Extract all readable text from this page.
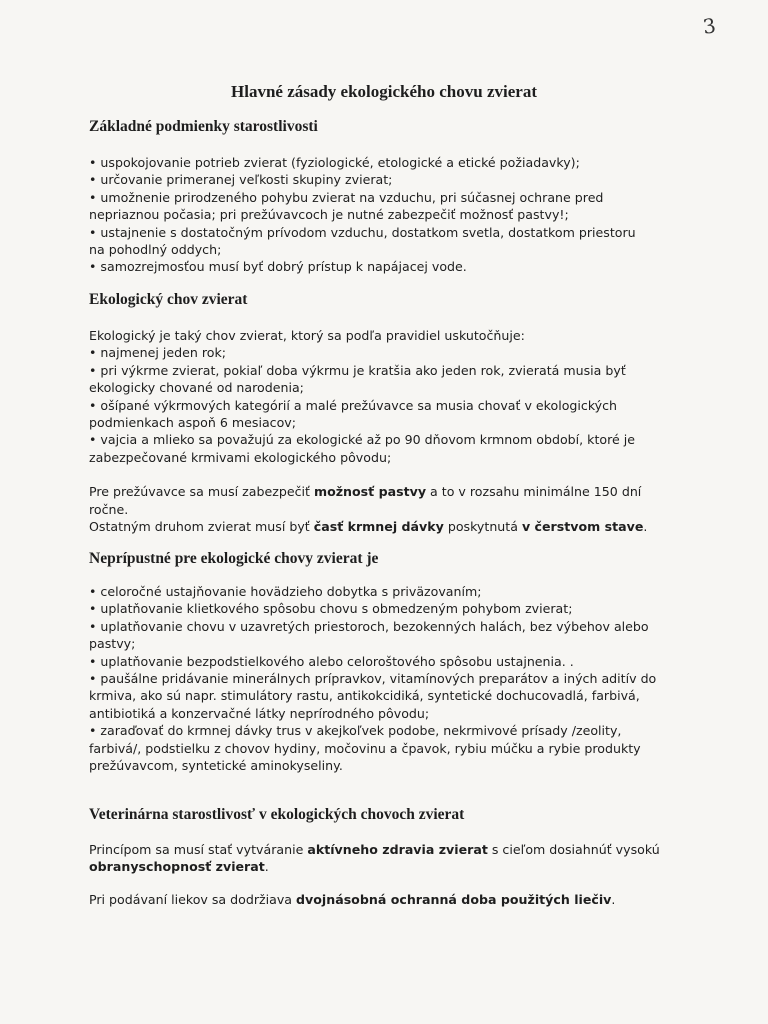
3
Hlavné zásady ekologického chovu zvierat
Základné podmienky starostlivosti
• uspokojovanie potrieb zvierat (fyziologické, etologické a etické požiadavky);
• určovanie primeranej veľkosti skupiny zvierat;
• umožnenie prirodzeného pohybu zvierat na vzduchu, pri súčasnej ochrane pred
nepriaznou počasia; pri prežúvavcoch je nutné zabezpečiť možnosť pastvy!;
• ustajnenie s dostatočným prívodom vzduchu, dostatkom svetla, dostatkom priestoru
na pohodlný oddych;
• samozrejmosťou musí byť dobrý prístup k napájacej vode.
Ekologický chov zvierat

Ekologický je taký chov zvierat, ktorý sa podľa pravidiel uskutočňuje:

• najmenej jeden rok;
• pri výkrme zvierat, pokiaľ doba výkrmu je kratšia ako jeden rok, zvieratá musia byť
ekologicky chované od narodenia;
• ošípané výkrmových kategórií a malé prežúvavce sa musia chovať v ekologických
podmienkach aspoň 6 mesiacov;
• vajcia a mlieko sa považujú za ekologické až po 90 dňovom krmnom období, ktoré je
zabezpečované krmivami ekologického pôvodu;

Pre prežúvavce sa musí zabezpečiť možnosť pastvy a to v rozsahu minimálne 150 dní

ročne.

Ostatným druhom zvierat musí byť časť krmnej dávky poskytnutá v čerstvom stave.

Neprípustné pre ekologické chovy zvierat je
• celoročné ustajňovanie hovädzieho dobytka s priväzovaním;
• uplatňovanie klietkového spôsobu chovu s obmedzeným pohybom zvierat;
• uplatňovanie chovu v uzavretých priestoroch, bezokenných halách, bez výbehov alebo
pastvy;
• uplatňovanie bezpodstielkového alebo celoroštového spôsobu ustajnenia. .
• paušálne pridávanie minerálnych prípravkov, vitamínových preparátov a iných aditív do
krmiva, ako sú napr. stimulátory rastu, antikokcidiká, syntetické dochucovadlá, farbivá,
antibiotiká a konzervačné látky neprírodného pôvodu;
• zaraďovať do krmnej dávky trus v akejkoľvek podobe, nekrmivové prísady /zeolity,
farbivá/, podstielku z chovov hydiny, močovinu a čpavok, rybiu múčku a rybie produkty
prežúvavcom, syntetické aminokyseliny.
Veterinárna starostlivosť v ekologických chovoch zvierat

Princípom sa musí stať vytváranie aktívneho zdravia zvierat s cieľom dosiahnúť vysokú

obranyschopnosť zvierat.

Pri podávaní liekov sa dodržiava dvojnásobná ochranná doba použitých liečiv.
